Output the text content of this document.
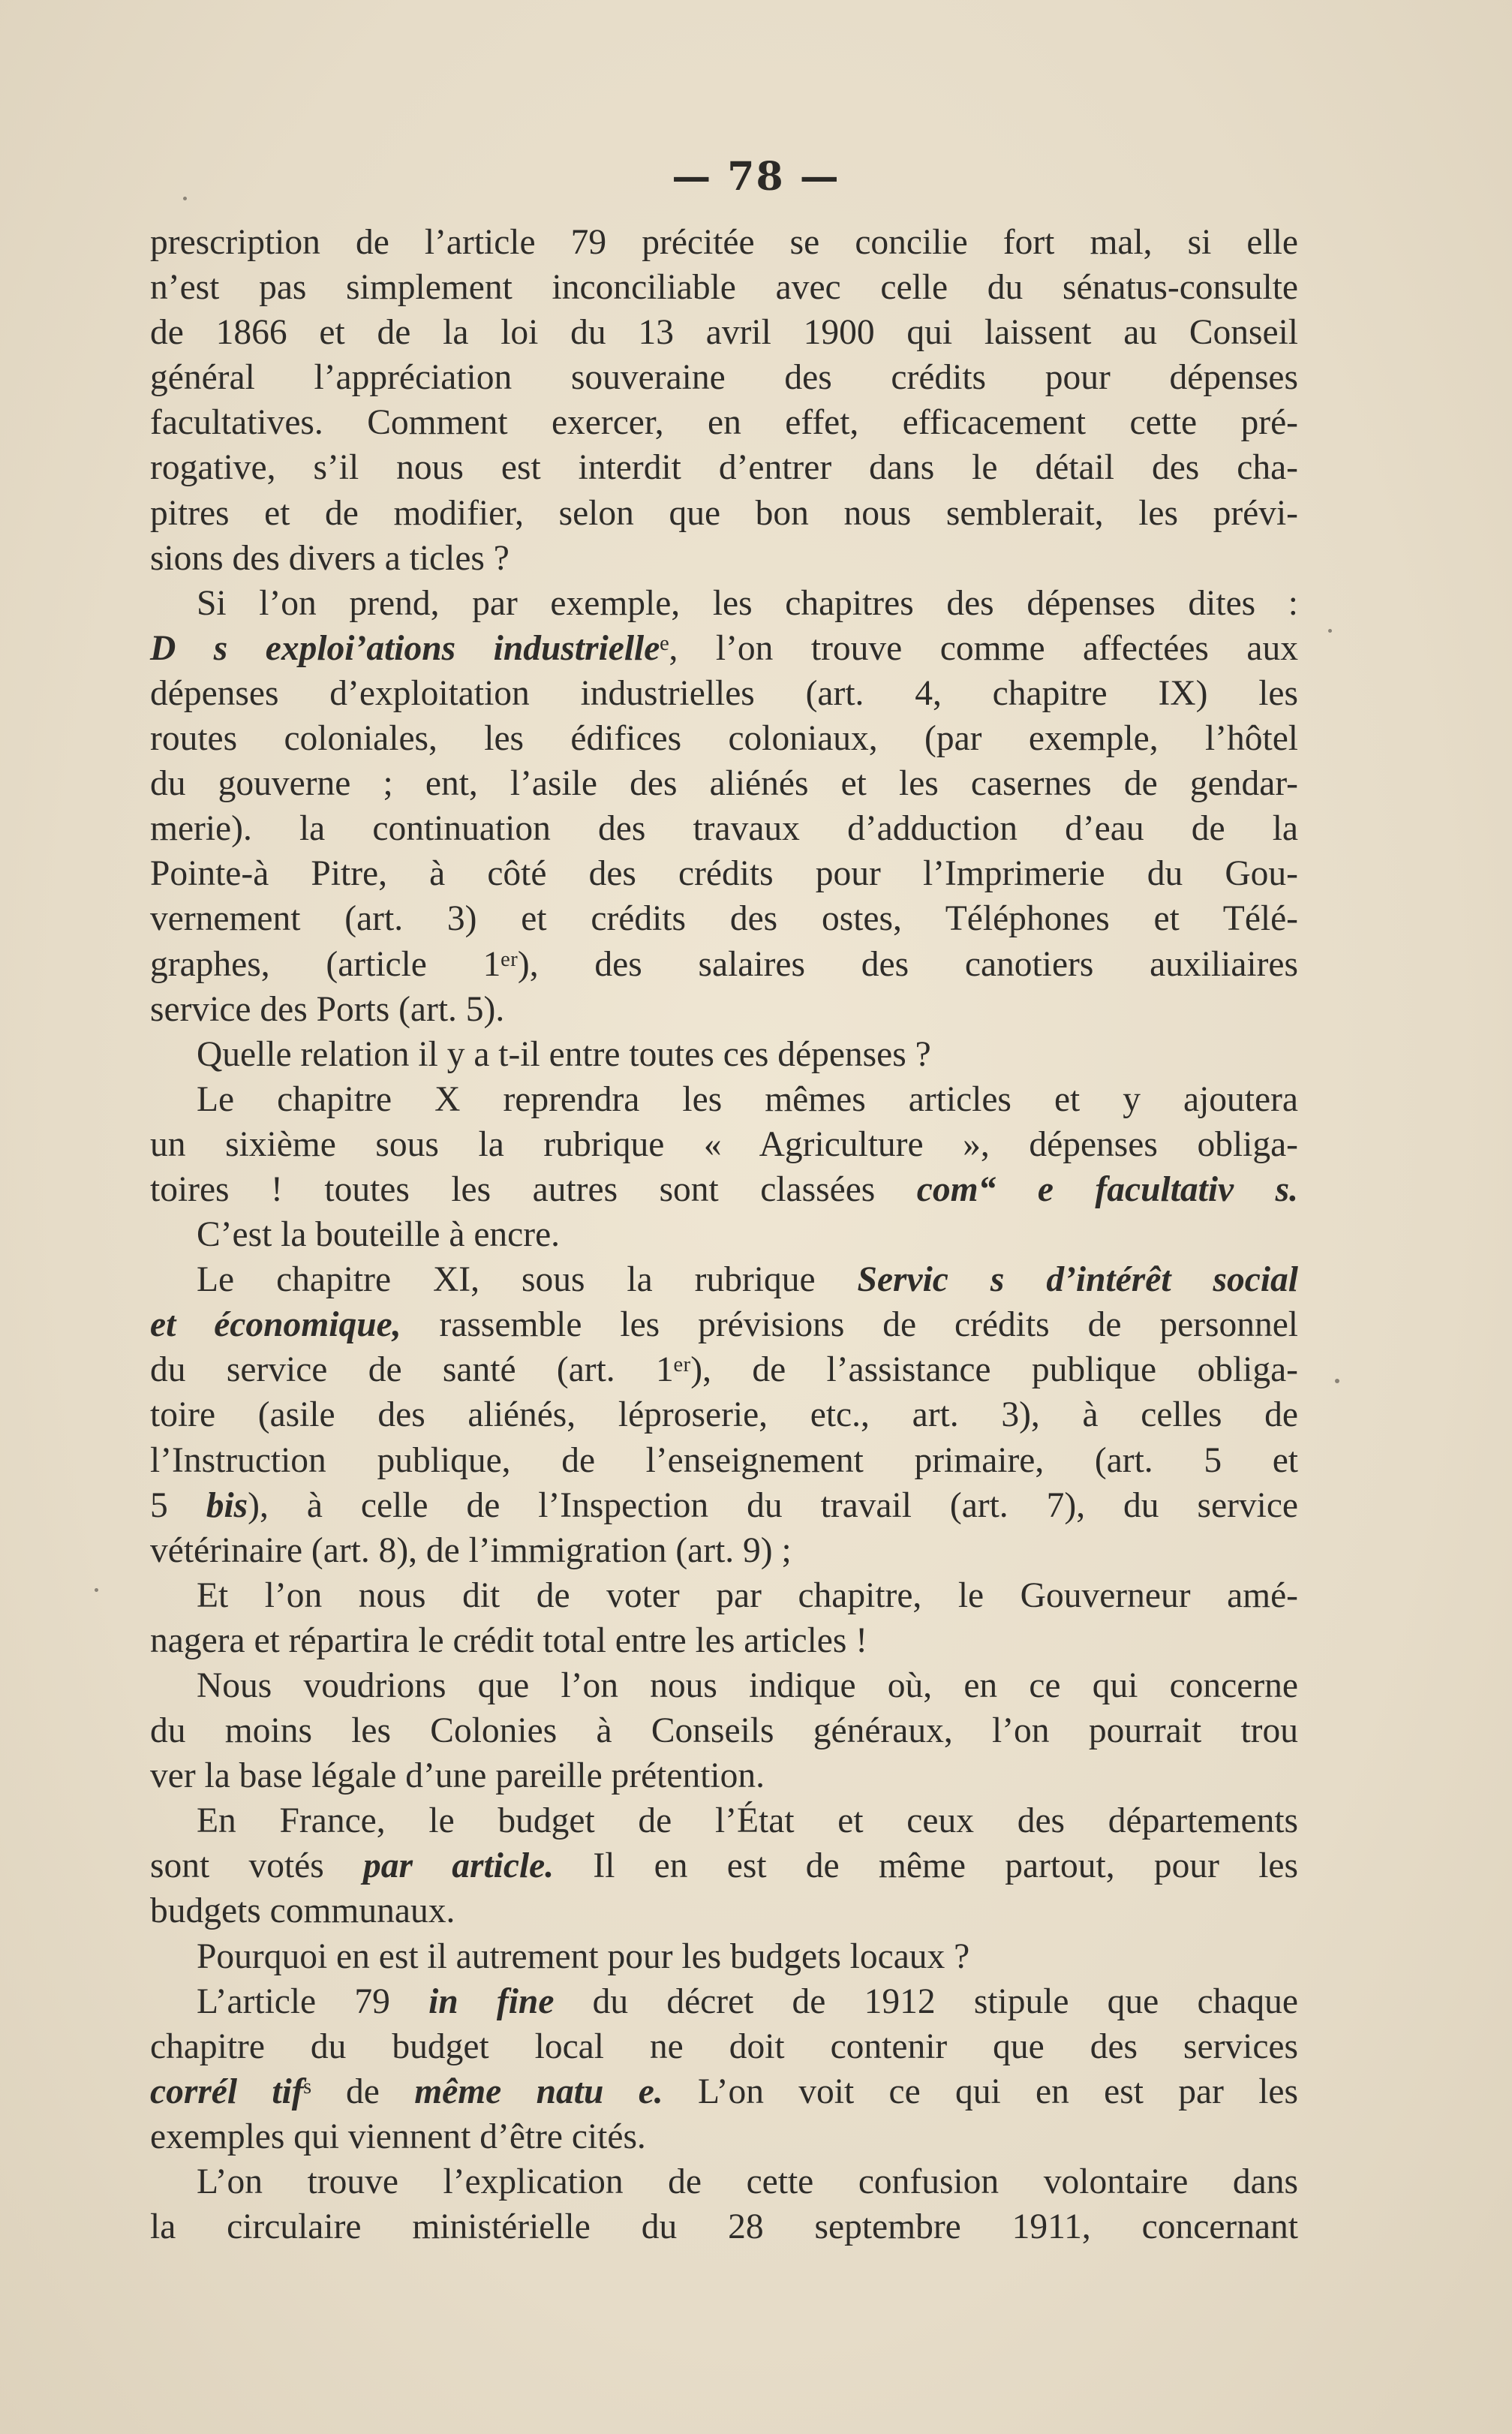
— 78 —
prescription de l’article 79 précitée se concilie fort mal, si elle
n’est pas simplement inconciliable avec celle du sénatus-consulte
de 1866 et de la loi du 13 avril 1900 qui laissent au Conseil
général l’appréciation souveraine des crédits pour dépenses
facultatives. Comment exercer, en effet, efficacement cette pré-
rogative, s’il nous est interdit d’entrer dans le détail des cha-
pitres et de modifier, selon que bon nous semblerait, les prévi-
sions des divers a ticles ?
Si l’on prend, par exemple, les chapitres des dépenses dites :
D s exploi’ations industrielleᵉ, l’on trouve comme affectées aux
dépenses d’exploitation industrielles (art. 4, chapitre IX) les
routes coloniales, les édifices coloniaux, (par exemple, l’hôtel
du gouverne ; ent, l’asile des aliénés et les casernes de gendar-
merie). la continuation des travaux d’adduction d’eau de la
Pointe-à Pitre, à côté des crédits pour l’Imprimerie du Gou-
vernement (art. 3) et crédits des ostes, Téléphones et Télé-
graphes, (article 1ᵉʳ), des salaires des canotiers auxiliaires
service des Ports (art. 5).
Quelle relation il y a t-il entre toutes ces dépenses ?
Le chapitre X reprendra les mêmes articles et y ajoutera
un sixième sous la rubrique « Agriculture », dépenses obliga-
toires ! toutes les autres sont classées com“ e facultativ s.
C’est la bouteille à encre.
Le chapitre XI, sous la rubrique Servic s d’intérêt social
et économique, rassemble les prévisions de crédits de personnel
du service de santé (art. 1ᵉʳ), de l’assistance publique obliga-
toire (asile des aliénés, léproserie, etc., art. 3), à celles de
l’Instruction publique, de l’enseignement primaire, (art. 5 et
5 bis), à celle de l’Inspection du travail (art. 7), du service
vétérinaire (art. 8), de l’immigration (art. 9) ;
Et l’on nous dit de voter par chapitre, le Gouverneur amé-
nagera et répartira le crédit total entre les articles !
Nous voudrions que l’on nous indique où, en ce qui concerne
du moins les Colonies à Conseils généraux, l’on pourrait trou
ver la base légale d’une pareille prétention.
En France, le budget de l’État et ceux des départements
sont votés par article. Il en est de même partout, pour les
budgets communaux.
Pourquoi en est il autrement pour les budgets locaux ?
L’article 79 in fine du décret de 1912 stipule que chaque
chapitre du budget local ne doit contenir que des services
corrél tifˢ de même natu e. L’on voit ce qui en est par les
exemples qui viennent d’être cités.
L’on trouve l’explication de cette confusion volontaire dans
la circulaire ministérielle du 28 septembre 1911, concernant
